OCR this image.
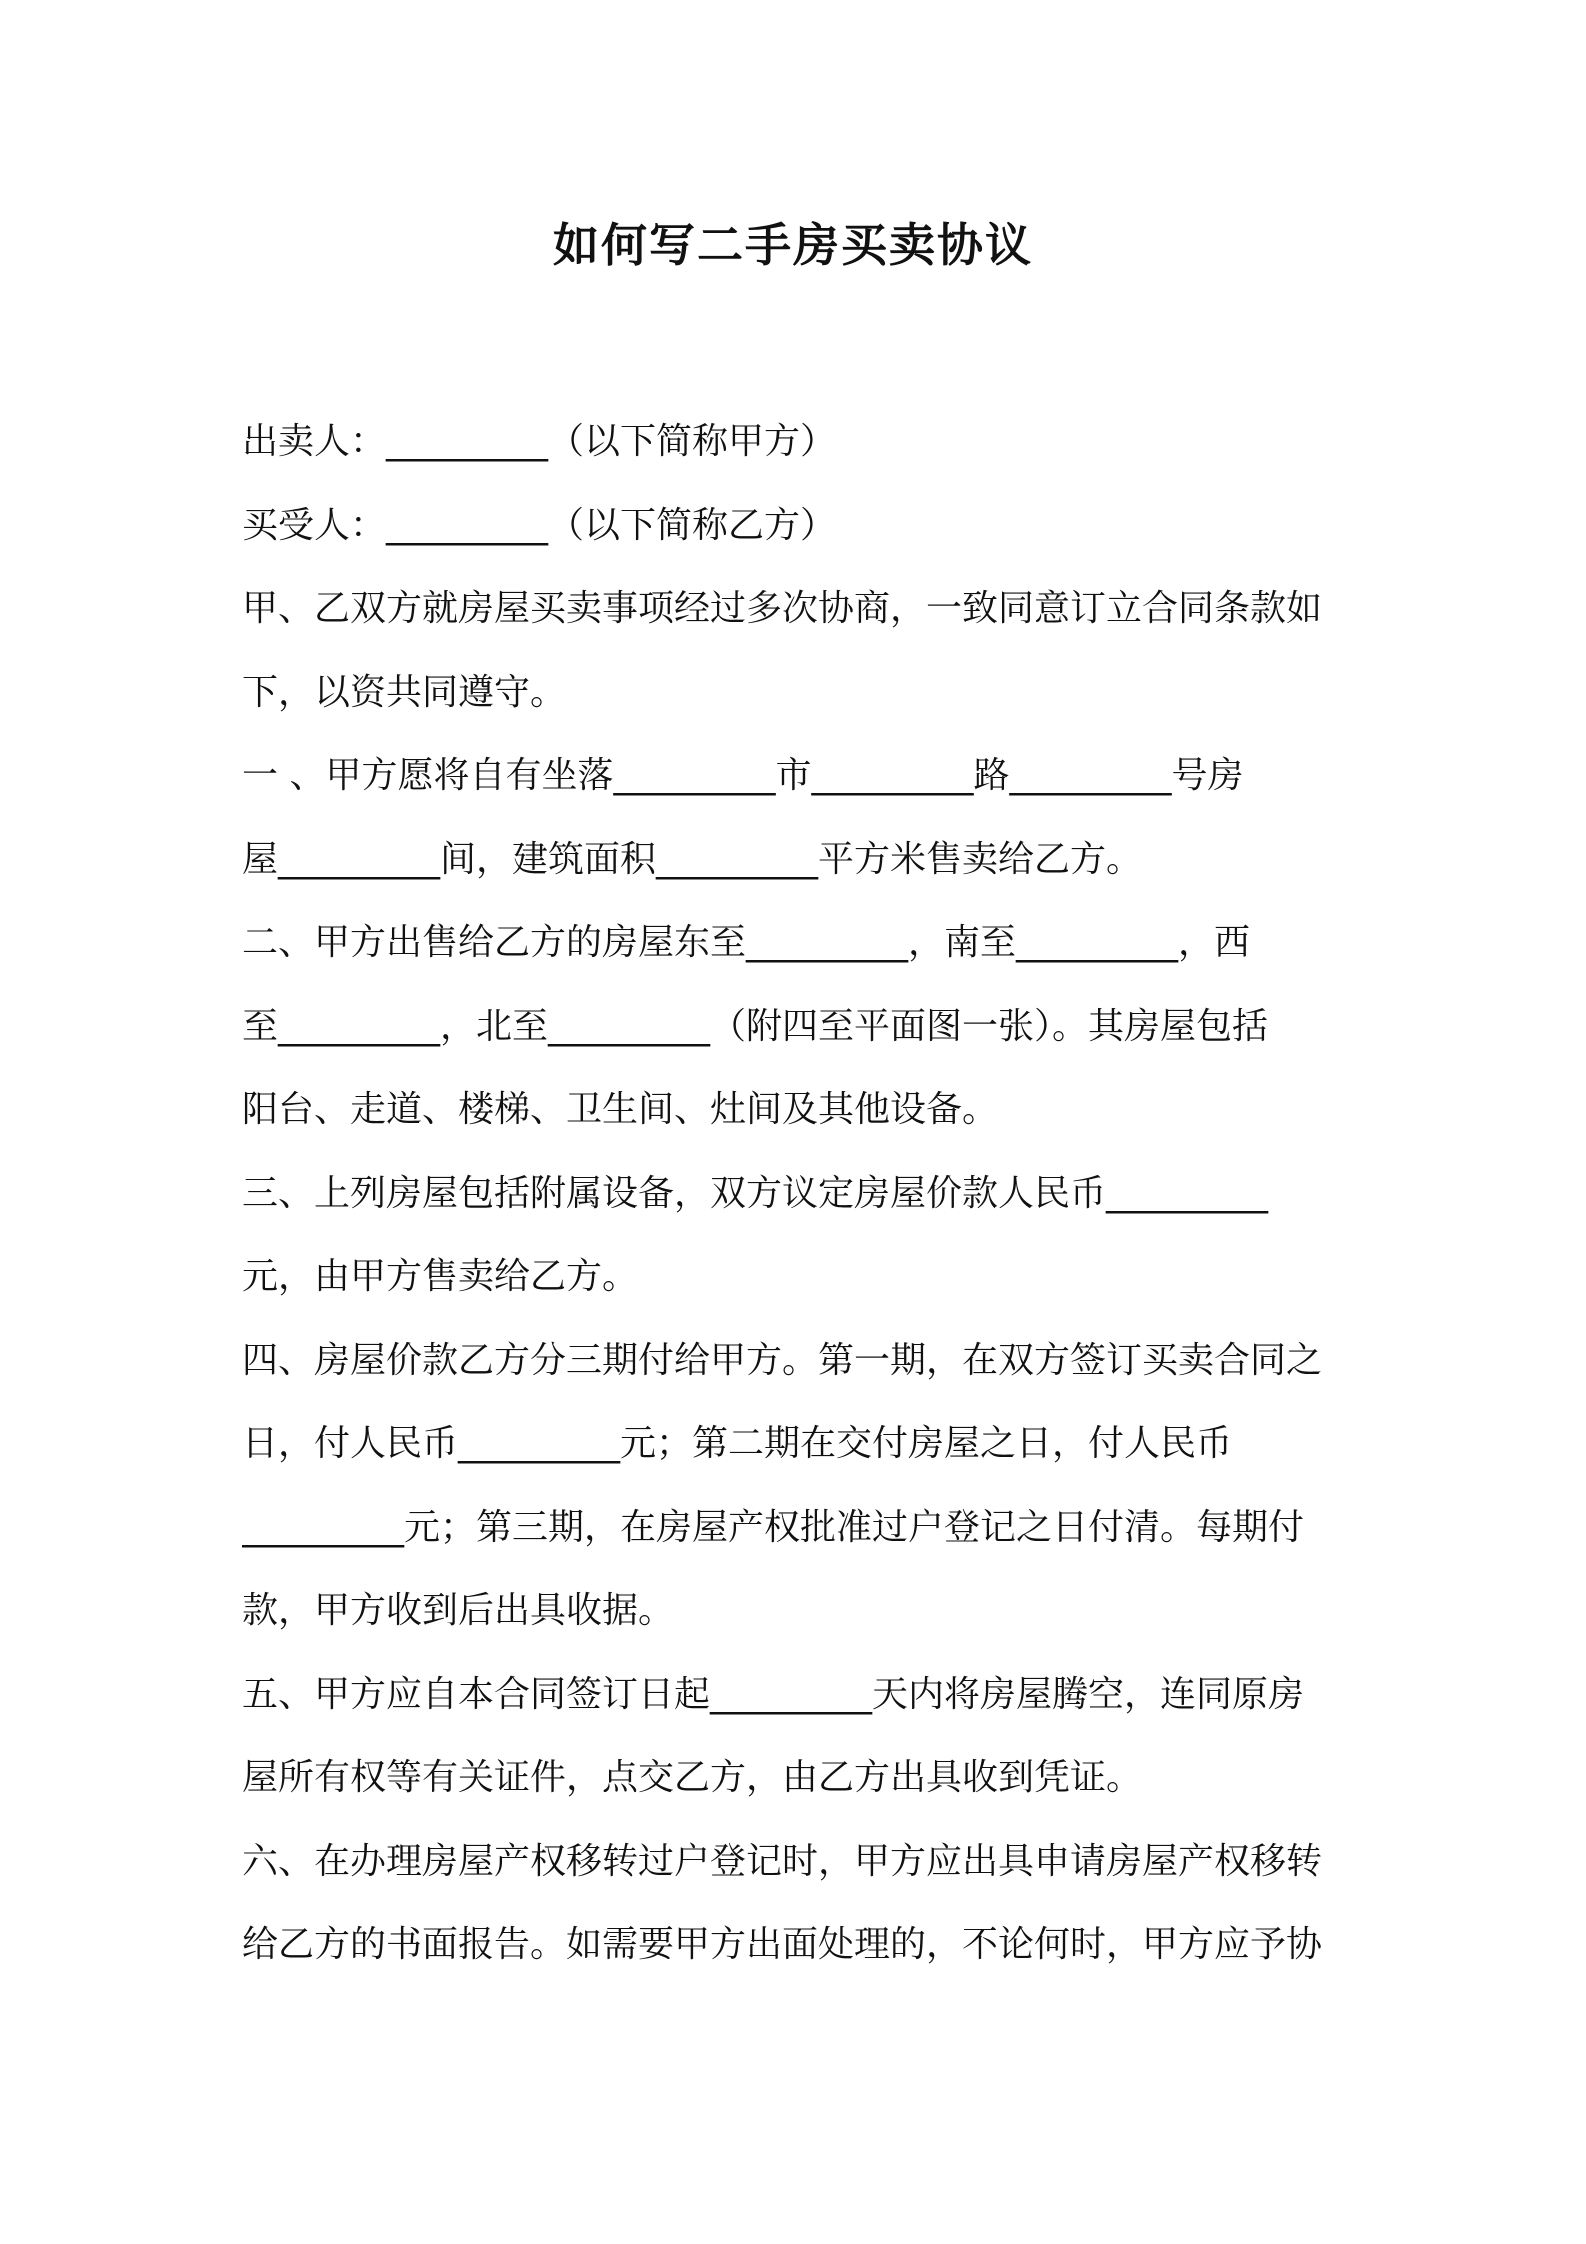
如何写二手房买卖协议

出卖人：_________（以下简称甲方）

买受人：_________（以下简称乙方）

甲、乙双方就房屋买卖事项经过多次协商，一致同意订立合同条款如

下，以资共同遵守。

一 、甲方愿将自有坐落_________市_________路_________号房

屋_________间，建筑面积_________平方米售卖给乙方。

二、甲方出售给乙方的房屋东至_________，南至_________，西

至_________，北至_________（附四至平面图一张）。其房屋包括

阳台、走道、楼梯、卫生间、灶间及其他设备。

三、上列房屋包括附属设备，双方议定房屋价款人民币_________

元，由甲方售卖给乙方。

四、房屋价款乙方分三期付给甲方。第一期，在双方签订买卖合同之

日，付人民币_________元；第二期在交付房屋之日，付人民币

_________元；第三期，在房屋产权批准过户登记之日付清。每期付

款，甲方收到后出具收据。

五、甲方应自本合同签订日起_________天内将房屋腾空，连同原房

屋所有权等有关证件，点交乙方，由乙方出具收到凭证。

六、在办理房屋产权移转过户登记时，甲方应出具申请房屋产权移转

给乙方的书面报告。如需要甲方出面处理的，不论何时，甲方应予协
